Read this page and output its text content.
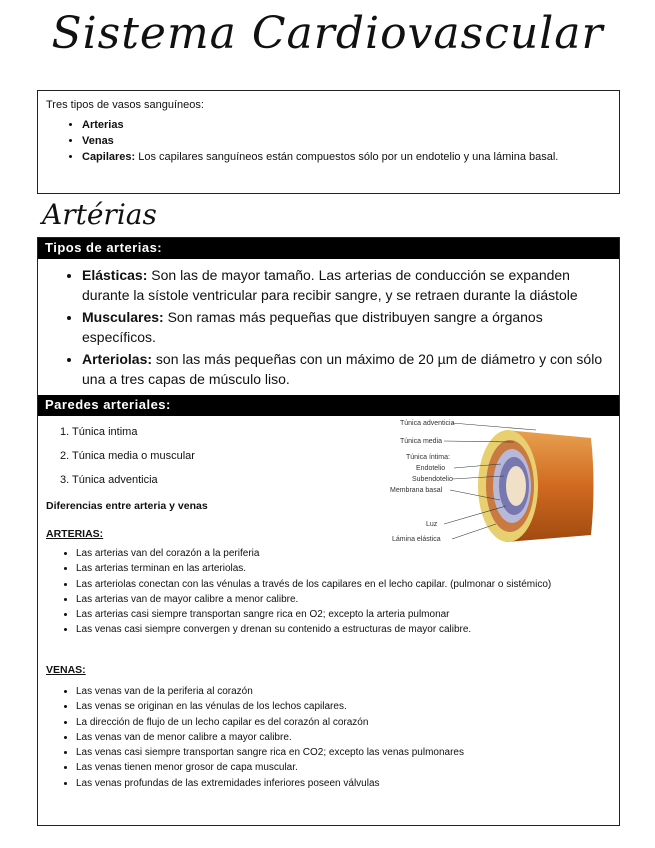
Sistema Cardiovascular
Tres tipos de vasos sanguíneos:
• Arterias
• Venas
• Capilares: Los capilares sanguíneos están compuestos sólo por un endotelio y una lámina basal.
Artérias
Tipos de arterias:
• Elásticas: Son las de mayor tamaño. Las arterias de conducción se expanden durante la sístole ventricular para recibir sangre, y se retraen durante la diástole
• Musculares: Son ramas más pequeñas que distribuyen sangre a órganos específicos.
• Arteriolas: son las más pequeñas con un máximo de 20 µm de diámetro y con sólo una a tres capas de músculo liso.
Paredes arteriales:
1. Túnica intima
2. Túnica media o muscular
3. Túnica adventicia
Túnica adventicia
Túnica media
Túnica íntima:
Endotelio
Subendotelio
Membrana basal
Luz
Lámina elástica
Diferencias entre arteria y venas
ARTERIAS:
• Las arterias van del corazón a la periferia
• Las arterias terminan en las arteriolas.
• Las arteriolas conectan con las vénulas a través de los capilares en el lecho capilar. (pulmonar o sistémico)
• Las arterias van de mayor calibre a menor calibre.
• Las arterias casi siempre transportan sangre rica en O2; excepto la arteria pulmonar
• Las venas casi siempre convergen y drenan su contenido a estructuras de mayor calibre.
VENAS:
• Las venas van de la periferia al corazón
• Las venas se originan en las vénulas de los lechos capilares.
• La dirección de flujo de un lecho capilar es del corazón al corazón
• Las venas van de menor calibre a mayor calibre.
• Las venas casi siempre transportan sangre rica en CO2; excepto las venas pulmonares
• Las venas tienen menor grosor de capa muscular.
• Las venas profundas de las extremidades inferiores poseen válvulas
